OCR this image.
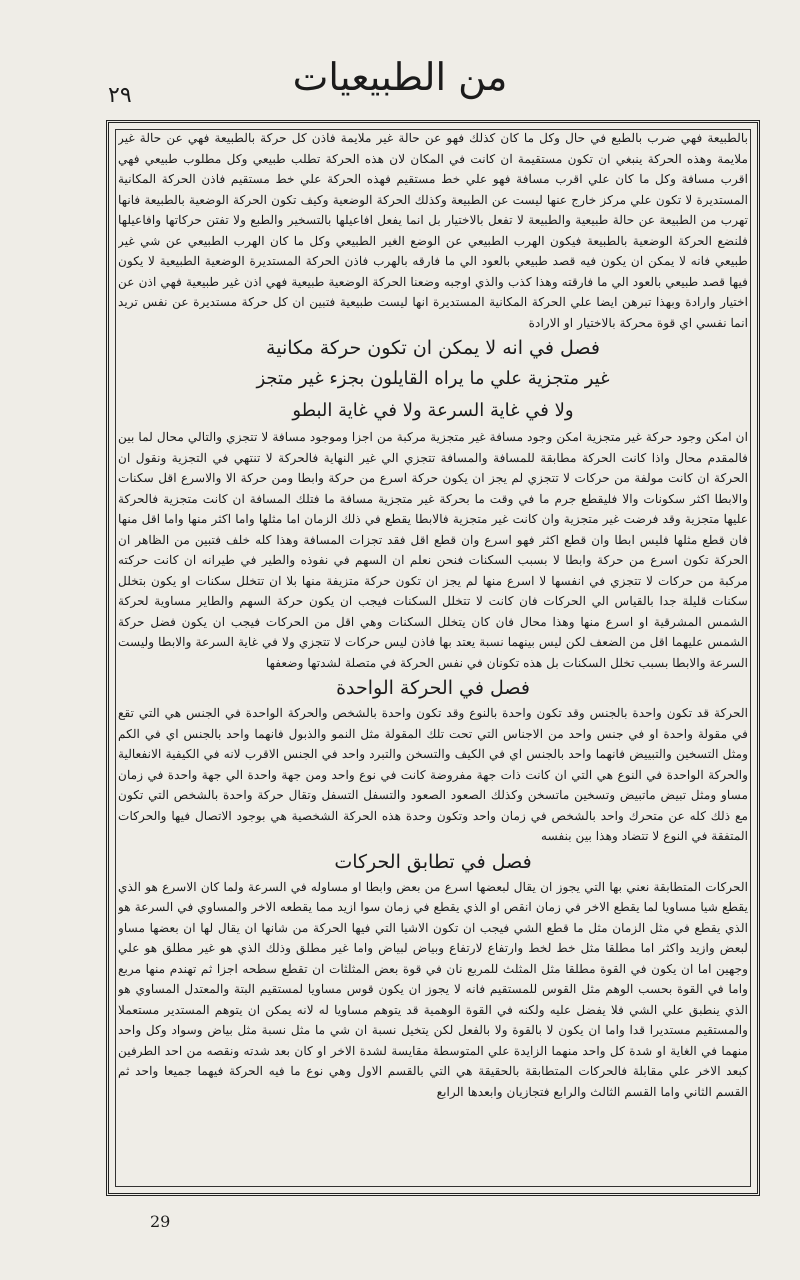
من الطبيعيات
٢٩

بالطبيعة فهي ضرب بالطبع في حال وكل ما كان كذلك فهو عن حالة غير ملايمة فاذن كل حركة بالطبيعة فهي عن حالة غير ملايمة وهذه الحركة ينبغي ان تكون مستقيمة ان كانت في المكان لان هذه الحركة تطلب طبيعي وكل مطلوب طبيعي فهي اقرب مسافة وكل ما كان علي اقرب مسافة فهو علي خط مستقيم فهذه الحركة علي خط مستقيم فاذن الحركة المكانية المستديرة لا تكون علي مركز خارج عنها ليست عن الطبيعة وكذلك الحركة الوضعية وكيف تكون الحركة الوضعية بالطبيعة فانها تهرب من الطبيعة عن حالة طبيعية والطبيعة لا تفعل بالاختيار بل انما يفعل افاعيلها بالتسخير والطبع ولا تفتن حركاتها وافاعيلها فلنضع الحركة الوضعية بالطبيعة فيكون الهرب الطبيعي عن الوضع الغير الطبيعي وكل ما كان الهرب الطبيعي عن شي غير طبيعي فانه لا يمكن ان يكون فيه قصد طبيعي بالعود الي ما فارقه بالهرب فاذن الحركة المستديرة الوضعية الطبيعية لا يكون فيها قصد طبيعي بالعود الي ما فارقته وهذا كذب والذي اوجبه وضعنا الحركة الوضعية طبيعية فهي اذن غير طبيعية فهي اذن عن اختيار وارادة وبهذا تبرهن ايضا علي الحركة المكانية المستديرة انها ليست طبيعية فتبين ان كل حركة مستديرة عن نفس تريد انما نفسي اي قوة محركة بالاختيار او الارادة

فصل في انه لا يمكن ان تكون حركة مكانية

غير متجزية علي ما يراه القايلون بجزء غير متجز

ولا في غاية السرعة ولا في غاية البطو

ان امكن وجود حركة غير متجزية امكن وجود مسافة غير متجزية مركبة من اجزا وموجود مسافة لا تتجزي والتالي محال لما بين فالمقدم محال واذا كانت الحركة مطابقة للمسافة والمسافة تتجزي الي غير النهاية فالحركة لا تنتهي في التجزية ونقول ان الحركة ان كانت مولفة من حركات لا تتجزي لم يجز ان يكون حركة اسرع من حركة وابطا ومن حركة الا والاسرع اقل سكنات والابطا اكثر سكونات والا فليقطع جرم ما في وقت ما بحركة غير متجزية مسافة ما فتلك المسافة ان كانت متجزية فالحركة عليها متجزية وقد فرضت غير متجزية وان كانت غير متجزية فالابطا يقطع في ذلك الزمان اما مثلها واما اكثر منها واما اقل منها فان قطع مثلها فليس ابطا وان قطع اكثر فهو اسرع وان قطع اقل فقد تجزات المسافة وهذا كله خلف فتبين من الظاهر ان الحركة تكون اسرع من حركة وابطا لا بسبب السكنات فنحن نعلم ان السهم في نفوذه والطير في طيرانه ان كانت حركته مركبة من حركات لا تتجزي في انفسها لا اسرع منها لم يجز ان تكون حركة متزيفة منها بلا ان تتخلل سكنات او يكون بتخلل سكنات قليلة جدا بالقياس الي الحركات فان كانت لا تتخلل السكنات فيجب ان يكون حركة السهم والطاير مساوية لحركة الشمس المشرقية او اسرع منها وهذا محال فان كان يتخلل السكنات وهي اقل من الحركات فيجب ان يكون فضل حركة الشمس عليهما اقل من الضعف لكن ليس بينهما نسبة يعتد بها فاذن ليس حركات لا تتجزي ولا في غاية السرعة والابطا وليست السرعة والابطا بسبب تخلل السكنات بل هذه تكونان في نفس الحركة في متصلة لشدتها وضعفها

فصل في الحركة الواحدة

الحركة قد تكون واحدة بالجنس وقد تكون واحدة بالنوع وقد تكون واحدة بالشخص والحركة الواحدة في الجنس هي التي تقع في مقولة واحدة او في جنس واحد من الاجناس التي تحت تلك المقولة مثل النمو والذبول فانهما واحد بالجنس اي في الكم ومثل التسخين والتبييض فانهما واحد بالجنس اي في الكيف والتسخن والتبرد واحد في الجنس الاقرب لانه في الكيفية الانفعالية والحركة الواحدة في النوع هي التي ان كانت ذات جهة مفروضة كانت في نوع واحد ومن جهة واحدة الي جهة واحدة في زمان مساو ومثل تبيض ماتبيض وتسخين ماتسخن وكذلك الصعود الصعود والتسفل التسفل وتقال حركة واحدة بالشخص التي تكون مع ذلك كله عن متحرك واحد بالشخص في زمان واحد وتكون وحدة هذه الحركة الشخصية هي بوجود الاتصال فيها والحركات المتفقة في النوع لا تتضاد وهذا بين بنفسه

فصل في تطابق الحركات

الحركات المتطابقة نعني بها التي يجوز ان يقال لبعضها اسرع من بعض وابطا او مساوله في السرعة ولما كان الاسرع هو الذي يقطع شيا مساويا لما يقطع الاخر في زمان انقص او الذي يقطع في زمان سوا ازيد مما يقطعه الاخر والمساوي في السرعة هو الذي يقطع في مثل الزمان مثل ما قطع الشي فيجب ان تكون الاشيا التي فيها الحركة من شانها ان يقال لها ان بعضها مساو لبعض وازيد واكثر اما مطلقا مثل خط لخط وارتفاع لارتفاع وبياض لبياض واما غير مطلق وذلك الذي هو غير مطلق هو علي وجهين اما ان يكون في القوة مطلقا مثل المثلث للمربع نان في قوة بعض المثلثات ان تقطع سطحه اجزا ثم تهندم منها مربع واما في القوة بحسب الوهم مثل القوس للمستقيم فانه لا يجوز ان يكون قوس مساويا لمستقيم البتة والمعتدل المساوي هو الذي ينطبق علي الشي فلا يفضل عليه ولكنه في القوة الوهمية قد يتوهم مساويا له لانه يمكن ان يتوهم المستدير مستعملا والمستقيم مستديرا قدا واما ان يكون لا بالقوة ولا بالفعل لكن يتخيل نسبة ان شي ما مثل نسبة مثل بياض وسواد وكل واحد منهما في الغاية او شدة كل واحد منهما الزايدة علي المتوسطة مقايسة لشدة الاخر او كان بعد شدته ونقصه من احد الطرفين كبعد الاخر علي مقابلة فالحركات المتطابقة بالحقيقة هي التي بالقسم الاول وهي نوع ما فيه الحركة فيهما جميعا واحد ثم القسم الثاني واما القسم الثالث والرابع فتجازيان وابعدها الرابع

29
